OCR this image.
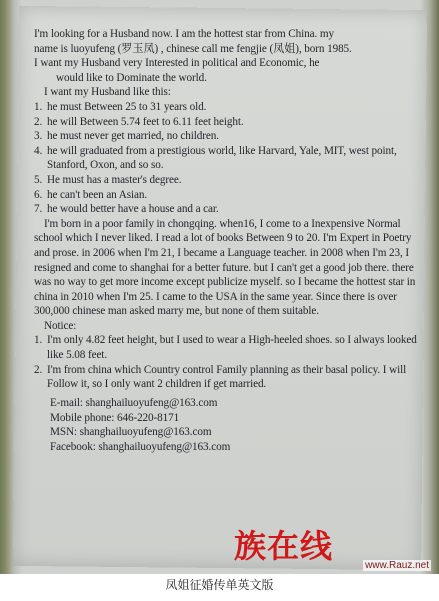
I'm looking for a Husband now. I am the hottest star from China. my

name is luoyufeng (罗玉凤) , chinese call me fengjie (凤姐), born 1985.

I want my Husband very Interested in political and Economic, he

would like to Dominate the world.

I want my Husband like this:

1. he must Between 25 to 31 years old.
2. he will Between 5.74 feet to 6.11 feet height.
3. he must never get married, no children.
4. he will graduated from a prestigious world, like Harvard, Yale, MIT, west point, Stanford, Oxon, and so so.
5. He must has a master's degree.
6. he can't been an Asian.
7. he would better have a house and a car.

I'm born in a poor family in chongqing. when16, I come to a Inexpensive Normal school which I never liked. I read a lot of books Between 9 to 20. I'm Expert in Poetry and prose. in 2006 when I'm 21, I became a Language teacher. in 2008 when I'm 23, I resigned and come to shanghai for a better future. but I can't get a good job there. there was no way to get more income except publicize myself. so I became the hottest star in china in 2010 when I'm 25. I came to the USA in the same year. Since there is over 300,000 chinese man asked marry me, but none of them suitable.

Notice:

1. I'm only 4.82 feet height, but I used to wear a High-heeled shoes. so I always looked like 5.08 feet.
2. I'm from china which Country control Family planning as their basal policy. I will Follow it, so I only want 2 children if get married.
E-mail: shanghailuoyufeng@163.com
Mobile phone: 646-220-8171
MSN: shanghailuoyufeng@163.com
Facebook: shanghailuoyufeng@163.com
族在线
www.Rauz.net
凤姐征婚传单英文版
